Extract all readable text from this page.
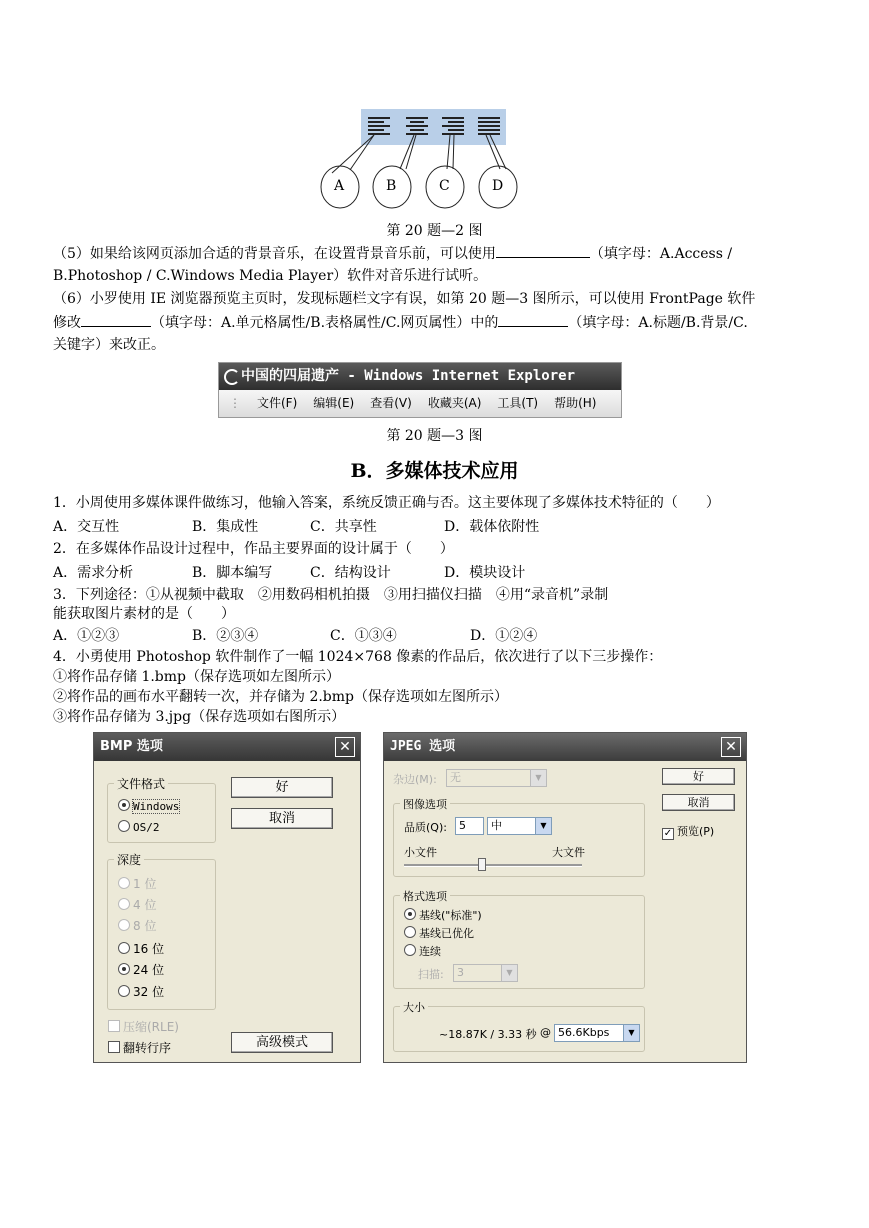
A	B	C	D
第 20 题—2 图
（5）如果给该网页添加合适的背景音乐，在设置背景音乐前，可以使用	（填字母：A.Access /
B.Photoshop / C.Windows Media Player）软件对音乐进行试听。
（6）小罗使用 IE 浏览器预览主页时，发现标题栏文字有误，如第 20 题—3 图所示，可以使用 FrontPage 软件
修改	（填字母：A.单元格属性/B.表格属性/C.网页属性）中的	（填字母：A.标题/B.背景/C.
关键字）来改正。
中国的四届遗产 - Windows Internet Explorer
⋮ 文件(F) 编辑(E) 查看(V) 收藏夹(A) 工具(T) 帮助(H)
第 20 题—3 图
B．多媒体技术应用
1．小周使用多媒体课件做练习，他输入答案，系统反馈正确与否。这主要体现了多媒体技术特征的（　　）
A．交互性	B．集成性	C．共享性	D．载体依附性
2．在多媒体作品设计过程中，作品主要界面的设计属于（　　）
A．需求分析	B．脚本编写	C．结构设计	D．模块设计
3．下列途径：①从视频中截取　②用数码相机拍摄　③用扫描仪扫描　④用“录音机”录制
能获取图片素材的是（　　）
A．①②③	B．②③④	C．①③④	D．①②④
4．小勇使用 Photoshop 软件制作了一幅 1024×768 像素的作品后，依次进行了以下三步操作：
①将作品存储 1.bmp（保存选项如左图所示）
②将作品的画布水平翻转一次，并存储为 2.bmp（保存选项如左图所示）
③将作品存储为 3.jpg（保存选项如右图所示）
BMP 选项	✕
文件格式
Windows
OS/2
深度
1 位
4 位
8 位
16 位
24 位
32 位
好
取消
压缩(RLE)
翻转行序	高级模式
JPEG 选项	✕
杂边(M):	无	▼
图像选项
品质(Q):	5	中	▼
小文件	大文件
格式选项
基线("标准")
基线已优化
连续
扫描:	3	▼
大小
~18.87K / 3.33 秒 @ 56.6Kbps	▼
好
取消
✓ 预览(P)
